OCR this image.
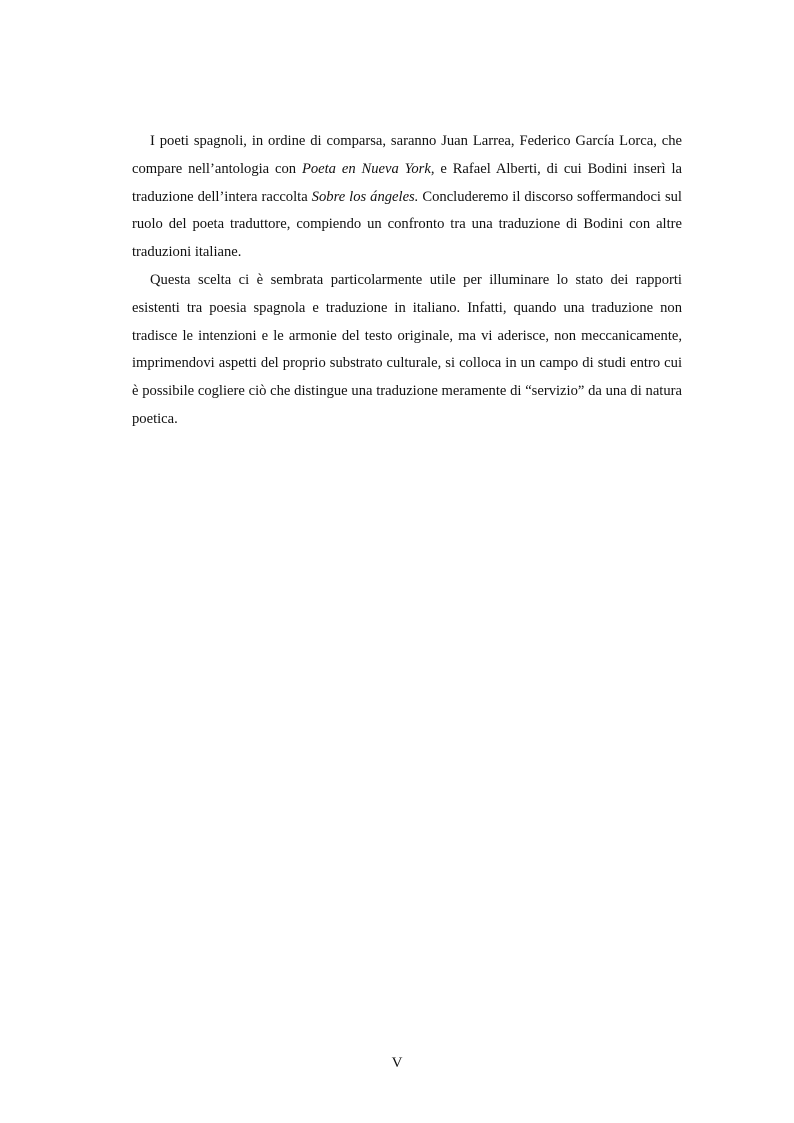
I poeti spagnoli, in ordine di comparsa, saranno Juan Larrea, Federico García Lorca, che compare nell’antologia con Poeta en Nueva York, e Rafael Alberti, di cui Bodini inserì la traduzione dell’intera raccolta Sobre los ángeles. Concluderemo il discorso soffermandoci sul ruolo del poeta traduttore, compiendo un confronto tra una traduzione di Bodini con altre traduzioni italiane.

Questa scelta ci è sembrata particolarmente utile per illuminare lo stato dei rapporti esistenti tra poesia spagnola e traduzione in italiano. Infatti, quando una traduzione non tradisce le intenzioni e le armonie del testo originale, ma vi aderisce, non meccanicamente, imprimendovi aspetti del proprio substrato culturale, si colloca in un campo di studi entro cui è possibile cogliere ciò che distingue una traduzione meramente di “servizio” da una di natura poetica.

V
